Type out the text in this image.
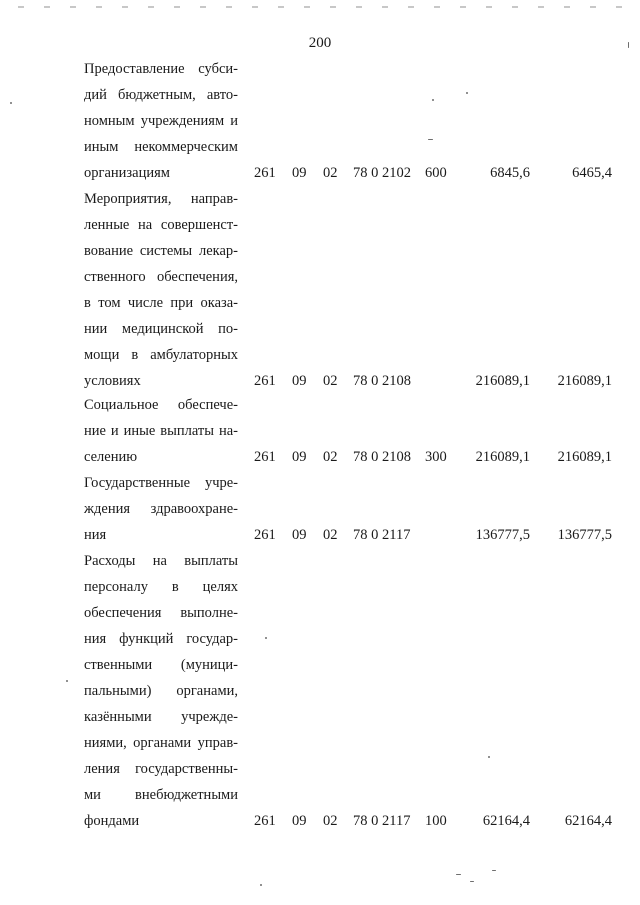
200
Предоставление субси-
дий бюджетным, авто-
номным учреждениям и
иным некоммерческим
организациям	261 09 02 78 0 2102 600	6845,6	6465,4
Мероприятия, направ-
ленные на совершенст-
вование системы лекар-
ственного обеспечения,
в том числе при оказа-
нии медицинской по-
мощи в амбулаторных
условиях	261 09 02 78 0 2108	216089,1 216089,1
Социальное обеспече-
ние и иные выплаты на-
селению	261 09 02 78 0 2108 300 216089,1 216089,1
Государственные учре-
ждения здравоохране-
ния	261 09 02 78 0 2117	136777,5 136777,5
Расходы на выплаты
персоналу в целях
обеспечения выполне-
ния функций государ-
ственными (муници-
пальными) органами,
казёнными учрежде-
ниями, органами управ-
ления государственны-
ми внебюджетными
фондами	261 09 02 78 0 2117 100 62164,4 62164,4
